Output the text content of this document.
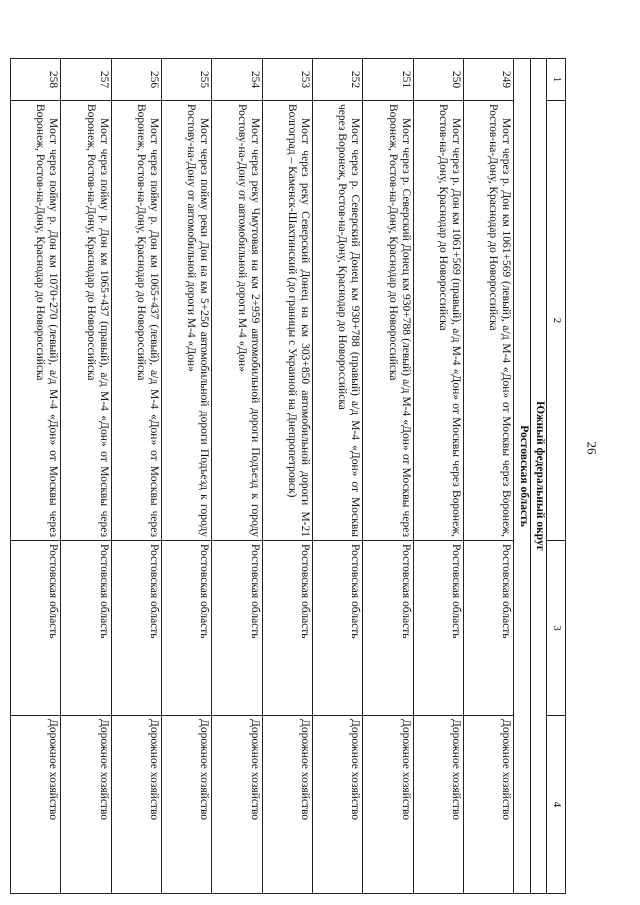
26
1	2	3	4
Южный федеральный округ			
Ростовская область			
249	Мост через р. Дон км 1061+569 (левый), а/д М-4 «Дон» от Москвы через Воронеж, Ростов-на-Дону, Краснодар до Новороссийска	Ростовская область	Дорожное хозяйство
250	Мост через р. Дон км 1061+569 (правый), а/д М-4 «Дон» от Москвы через Воронеж, Ростов-на-Дону, Краснодар до Новороссийска	Ростовская область	Дорожное хозяйство
251	Мост через р. Северский Донец км 930+788 (левый) а/д М-4 «Дон» от Москвы через Воронеж, Ростов-на-Дону, Краснодар до Новороссийска	Ростовская область	Дорожное хозяйство
252	Мост через р. Северский Донец км 930+788 (правый) а/д М-4 «Дон» от Москвы через Воронеж, Ростов-на-Дону, Краснодар до Новороссийска	Ростовская область	Дорожное хозяйство
253	Мост через реку Северский Донец на км 303+850 автомобильной дороги М-21 Волгоград – Каменск-Шахтинский (до границы с Украиной на Днепропетровск)	Ростовская область	Дорожное хозяйство
254	Мост через реку Чмутовая на км 2+959 автомобильной дороги Подъезд к городу Ростову-на-Дону от автомобильной дороги М-4 «Дон»	Ростовская область	Дорожное хозяйство
255	Мост через пойму реки Дон на км 5+250 автомобильной дороги Подъезд к городу Ростову-на-Дону от автомобильной дороги М-4 «Дон»	Ростовская область	Дорожное хозяйство
256	Мост через пойму р. Дон км 1065+437 (левый), а/д М-4 «Дон» от Москвы через Воронеж, Ростов-на-Дону, Краснодар до Новороссийска	Ростовская область	Дорожное хозяйство
257	Мост через пойму р. Дон км 1065+437 (правый), а/д М-4 «Дон» от Москвы через Воронеж, Ростов-на-Дону, Краснодар до Новороссийска	Ростовская область	Дорожное хозяйство
258	Мост через пойму р. Дон км 1070+270 (левый), а/д М-4 «Дон» от Москвы через Воронеж, Ростов-на-Дону, Краснодар до Новороссийска	Ростовская область	Дорожное хозяйство
